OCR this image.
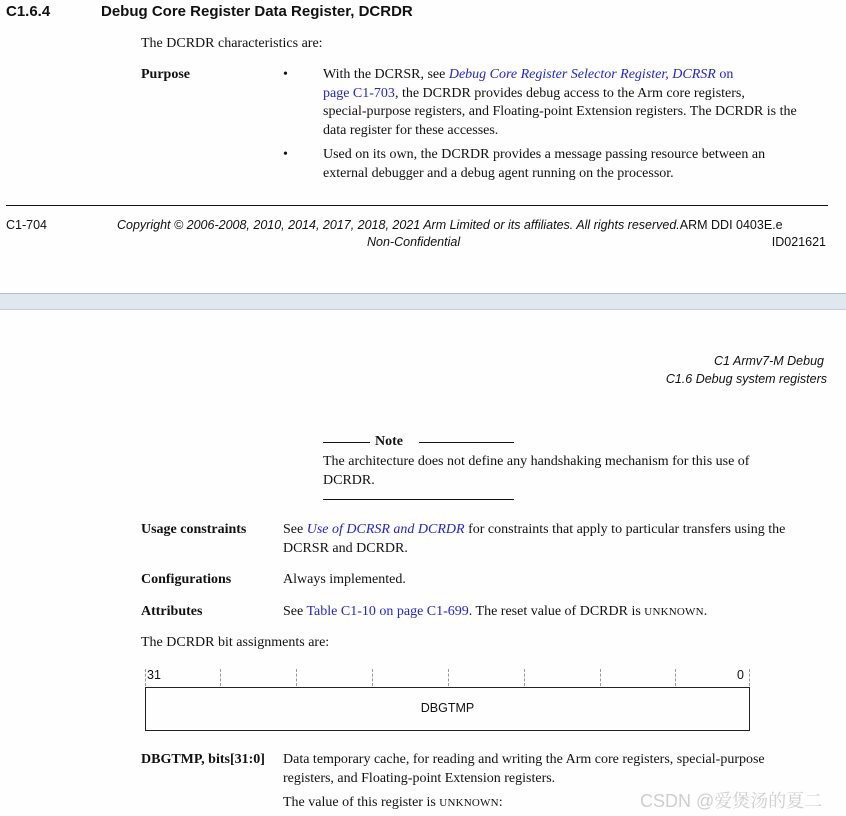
C1.6.4	Debug Core Register Data Register, DCRDR
The DCRDR characteristics are:
Purpose	•	With the DCRSR, see Debug Core Register Selector Register, DCRSR on
page C1-703, the DCRDR provides debug access to the Arm core registers,
special-purpose registers, and Floating-point Extension registers. The DCRDR is the
data register for these accesses.
•	Used on its own, the DCRDR provides a message passing resource between an
external debugger and a debug agent running on the processor.
C1-704	Copyright © 2006-2008, 2010, 2014, 2017, 2018, 2021 Arm Limited or its affiliates. All rights reserved.ARM DDI 0403E.e
Non-Confidential	ID021621
C1 Armv7-M Debug
C1.6 Debug system registers
Note
The architecture does not define any handshaking mechanism for this use of
DCRDR.
Usage constraints	See Use of DCRSR and DCRDR for constraints that apply to particular transfers using the
DCRSR and DCRDR.
Configurations	Always implemented.
Attributes	See Table C1-10 on page C1-699. The reset value of DCRDR is UNKNOWN.
The DCRDR bit assignments are:
31	0
DBGTMP
DBGTMP, bits[31:0] Data temporary cache, for reading and writing the Arm core registers, special-purpose
registers, and Floating-point Extension registers.
The value of this register is UNKNOWN:	CSDN @爱煲汤的夏二
